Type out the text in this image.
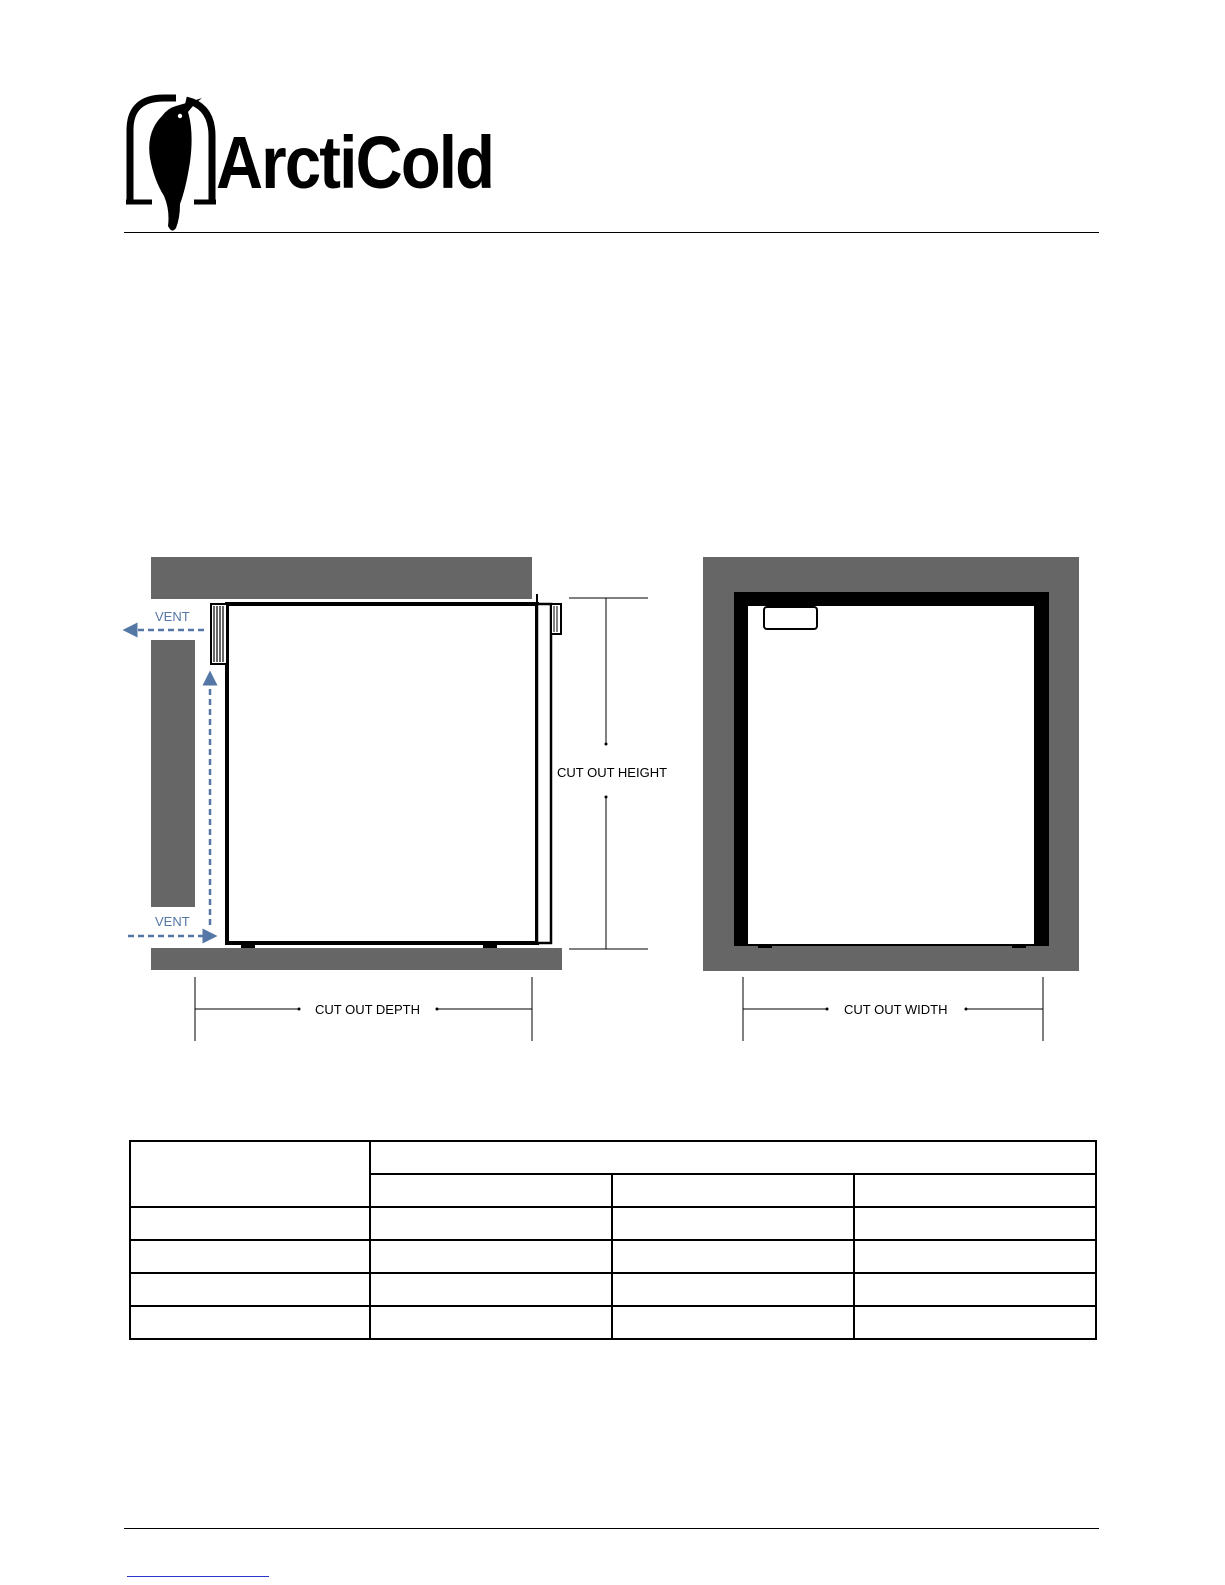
ArctiCold
VENT
VENT
CUT OUT HEIGHT
CUT OUT DEPTH	CUT OUT WIDTH
